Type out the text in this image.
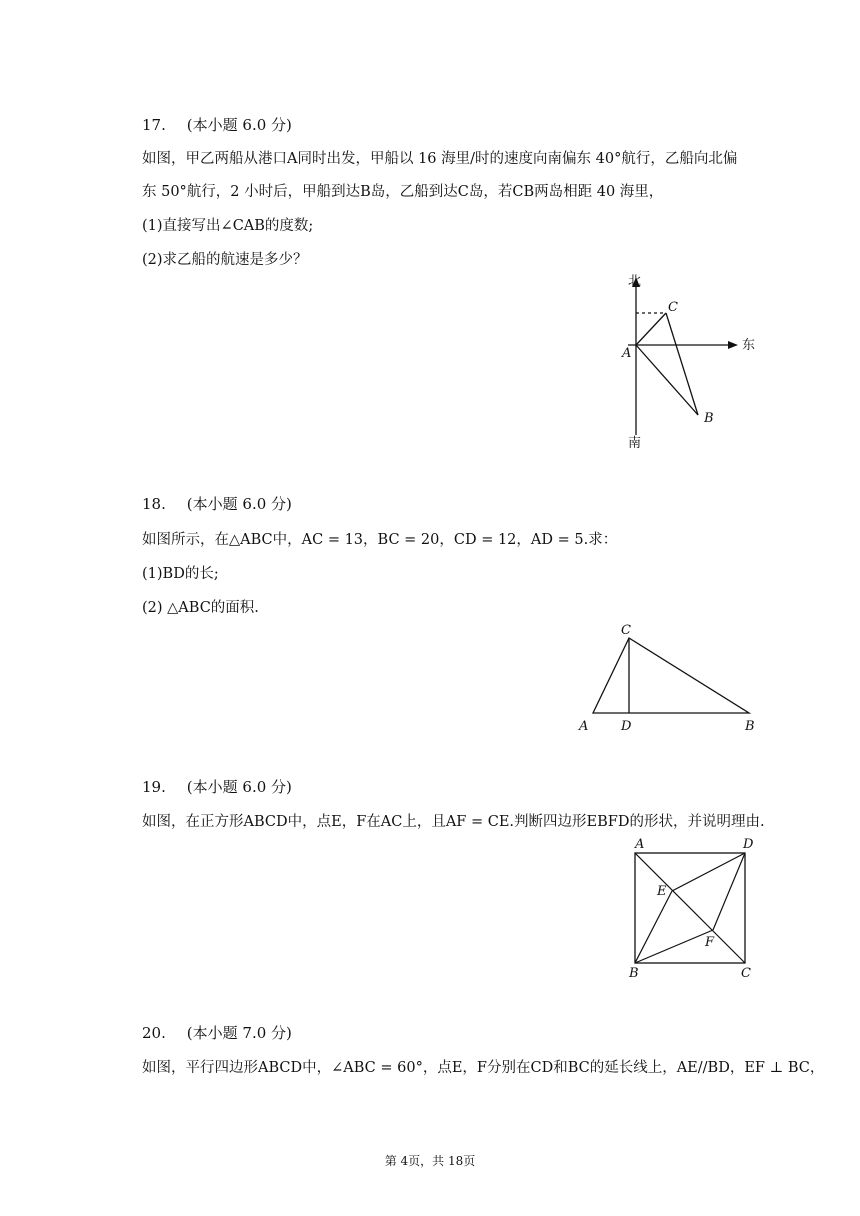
17. (本小题 6.0 分)
如图，甲乙两船从港口A同时出发，甲船以 16 海里/时的速度向南偏东 40°航行，乙船向北偏
东 50°航行，2 小时后，甲船到达B岛，乙船到达C岛，若CB两岛相距 40 海里，
(1)直接写出∠CAB的度数;
(2)求乙船的航速是多少？
北
东
南
A
C
B
18. (本小题 6.0 分)
如图所示，在△ABC中，AC = 13，BC = 20，CD = 12，AD = 5.求：
(1)BD的长;
(2) △ABC的面积.
C
A	D	B
19. (本小题 6.0 分)
如图，在正方形ABCD中，点E，F在AC上，且AF = CE.判断四边形EBFD的形状，并说明理由.
A	D
E
F
B	C
20. (本小题 7.0 分)
如图，平行四边形ABCD中，∠ABC = 60°，点E，F分别在CD和BC的延长线上，AE//BD，EF ⊥ BC，
第 4页，共 18页
